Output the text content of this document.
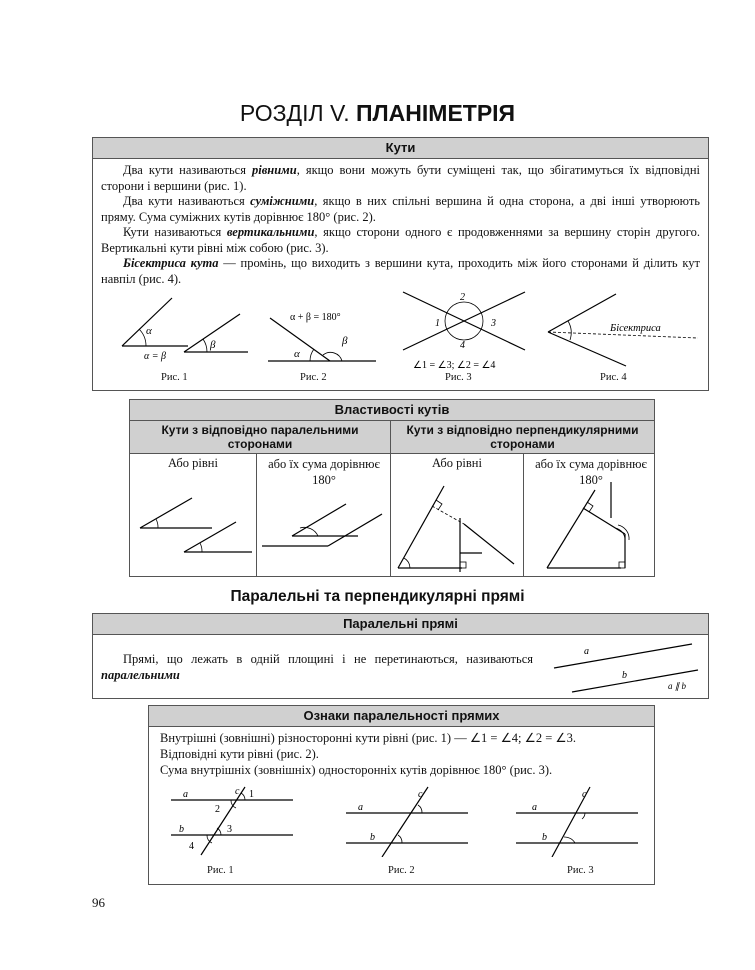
РОЗДІЛ V. ПЛАНІМЕТРІЯ
Кути

Два кути називаються рівними, якщо вони можуть бути суміщені так, що збігатимуться їх відповідні сторони і вершини (рис. 1).

Два кути називаються суміжними, якщо в них спільні вершина й одна сторона, а дві інші утворюють пряму. Сума суміжних кутів дорівнює 180° (рис. 2).

Кути називаються вертикальними, якщо сторони одного є продовженнями за вершину сторін другого. Вертикальні кути рівні між собою (рис. 3).

Бісектриса кута — промінь, що виходить з вершини кута, проходить між його сторонами й ділить кут навпіл (рис. 4).

α
α = β
β
Рис. 1
α + β = 180°
α
β
Рис. 2
2
1	3
4
∠1 = ∠3; ∠2 = ∠4
Рис. 3
Бісектриса
Рис. 4
Властивості кутів
Кути з відповідно паралельними сторонами
Кути з відповідно перпендикулярними сторонами
Або рівні	або їх сума дорівнює 180°
Або рівні	або їх сума дорівнює 180°
Паралельні та перпендикулярні прямі
Паралельні прямі

Прямі, що лежать в одній площині і не перетинаються, називаються паралельними

a
b
a ∥ b
Ознаки паралельності прямих
Внутрішні (зовнішні) різносторонні кути рівні (рис. 1) — ∠1 = ∠4; ∠2 = ∠3.
Відповідні кути рівні (рис. 2).
Сума внутрішніх (зовнішніх) односторонніх кутів дорівнює 180° (рис. 3).
a
b
c 1
2
3
4
Рис. 1
a
b
c
Рис. 2
a
b
c
Рис. 3
96
